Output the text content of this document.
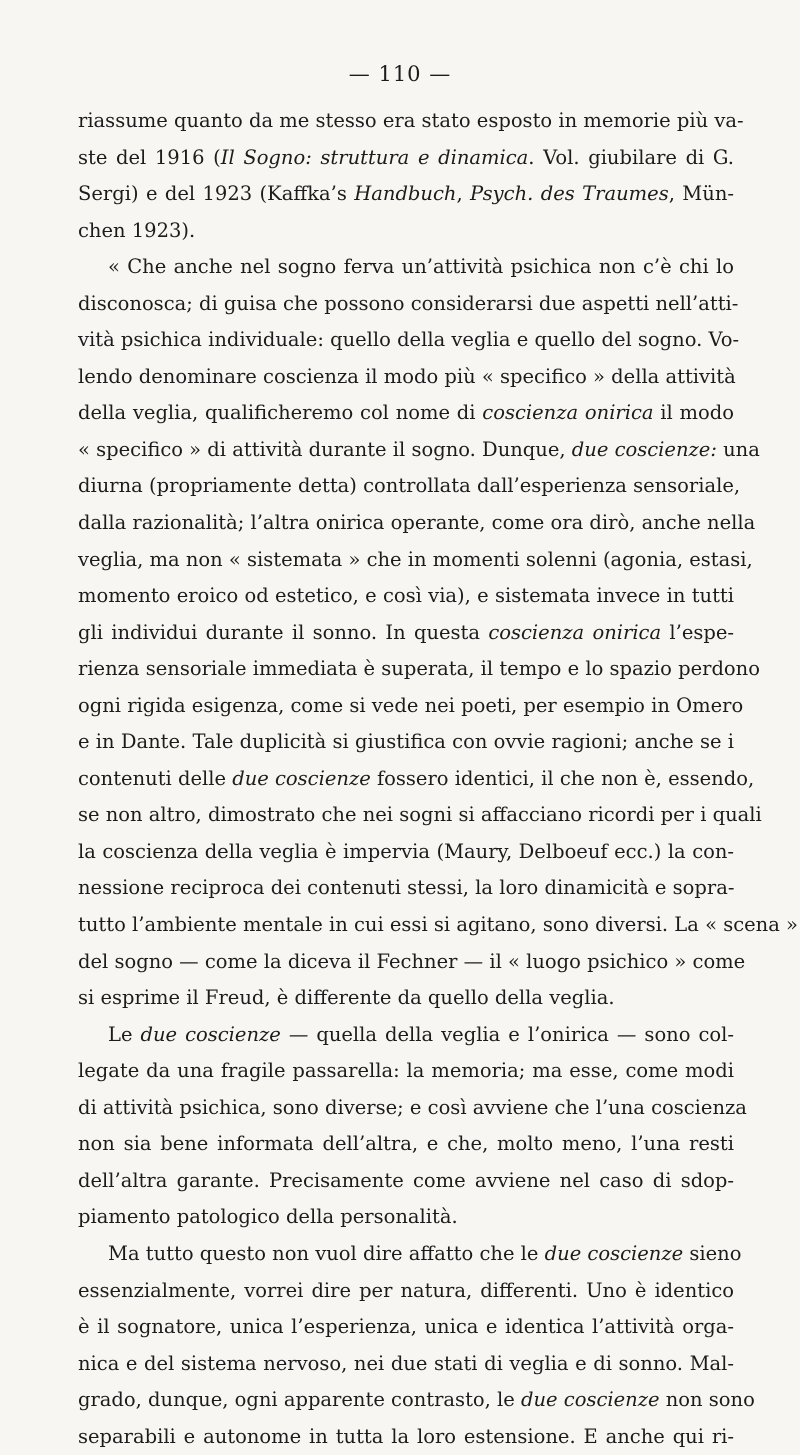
— 110 —
riassume quanto da me stesso era stato esposto in memorie più va-
ste del 1916 (Il Sogno: struttura e dinamica. Vol. giubilare di G.
Sergi) e del 1923 (Kaffka’s Handbuch, Psych. des Traumes, Mün-
chen 1923).
« Che anche nel sogno ferva un’attività psichica non c’è chi lo
disconosca; di guisa che possono considerarsi due aspetti nell’atti-
vità psichica individuale: quello della veglia e quello del sogno. Vo-
lendo denominare coscienza il modo più « specifico » della attività
della veglia, qualificheremo col nome di coscienza onirica il modo
« specifico » di attività durante il sogno. Dunque, due coscienze: una
diurna (propriamente detta) controllata dall’esperienza sensoriale,
dalla razionalità; l’altra onirica operante, come ora dirò, anche nella
veglia, ma non « sistemata » che in momenti solenni (agonia, estasi,
momento eroico od estetico, e così via), e sistemata invece in tutti
gli individui durante il sonno. In questa coscienza onirica l’espe-
rienza sensoriale immediata è superata, il tempo e lo spazio perdono
ogni rigida esigenza, come si vede nei poeti, per esempio in Omero
e in Dante. Tale duplicità si giustifica con ovvie ragioni; anche se i
contenuti delle due coscienze fossero identici, il che non è, essendo,
se non altro, dimostrato che nei sogni si affacciano ricordi per i quali
la coscienza della veglia è impervia (Maury, Delboeuf ecc.) la con-
nessione reciproca dei contenuti stessi, la loro dinamicità e sopra-
tutto l’ambiente mentale in cui essi si agitano, sono diversi. La « scena »
del sogno — come la diceva il Fechner — il « luogo psichico » come
si esprime il Freud, è differente da quello della veglia.
Le due coscienze — quella della veglia e l’onirica — sono col-
legate da una fragile passarella: la memoria; ma esse, come modi
di attività psichica, sono diverse; e così avviene che l’una coscienza
non sia bene informata dell’altra, e che, molto meno, l’una resti
dell’altra garante. Precisamente come avviene nel caso di sdop-
piamento patologico della personalità.
Ma tutto questo non vuol dire affatto che le due coscienze sieno
essenzialmente, vorrei dire per natura, differenti. Uno è identico
è il sognatore, unica l’esperienza, unica e identica l’attività orga-
nica e del sistema nervoso, nei due stati di veglia e di sonno. Mal-
grado, dunque, ogni apparente contrasto, le due coscienze non sono
separabili e autonome in tutta la loro estensione. E anche qui ri-
